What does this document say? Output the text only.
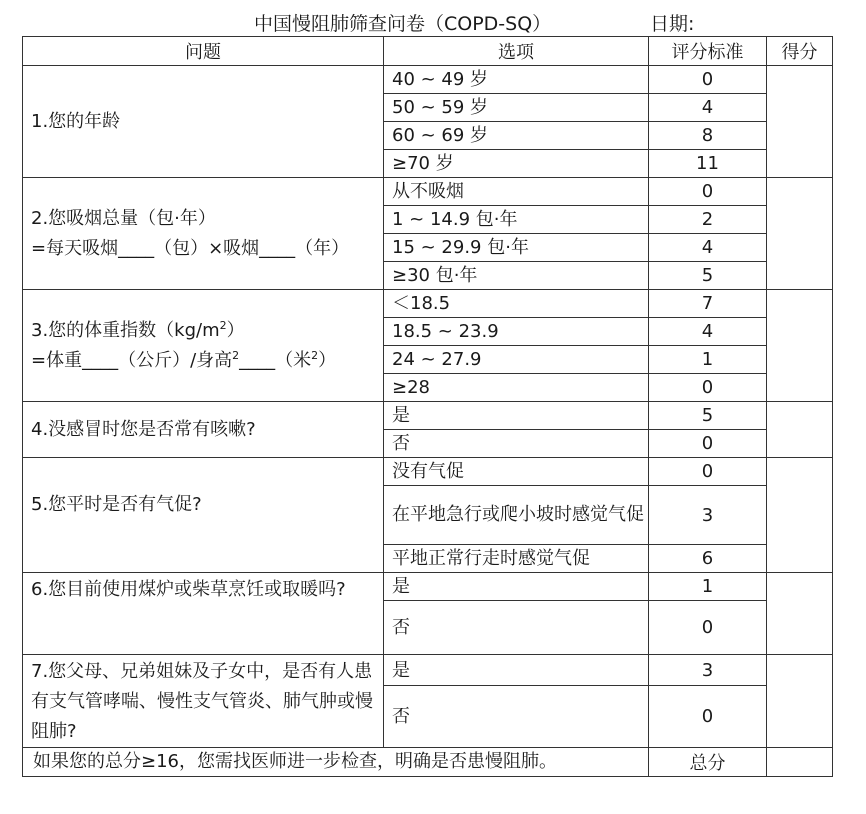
中国慢阻肺筛查问卷（COPD-SQ）	日期:
问题	选项	评分标准	得分
1.您的年龄	40 ~ 49 岁	0	
	50 ~ 59 岁	4	
	60 ~ 69 岁	8	
	≥70 岁	11	
2.您吸烟总量（包·年）
=每天吸烟____（包）×吸烟____（年）	从不吸烟	0	
	1 ~ 14.9 包·年	2	
	15 ~ 29.9 包·年	4	
	≥30 包·年	5	
3.您的体重指数$(kg/m^2)$
=体重____（公斤）/身高$^2$____（米$^2$）	＜18.5	7	
	18.5 ~ 23.9	4	
	24 ~ 27.9	1	
	≥28	0	
4.没感冒时您是否常有咳嗽?	是	5	
	否	0	
5.您平时是否有气促?	没有气促	0	
	在平地急行或爬小坡时感觉气促	3	
	平地正常行走时感觉气促	6	
6.您目前使用煤炉或柴草烹饪或取暖吗?	是	1	
	否	0	
7.您父母、兄弟姐妹及子女中，是否有人患有支气管哮喘、慢性支气管炎、肺气肿或慢阻肺?	是	3	
	否	0	
如果您的总分≥16，您需找医师进一步检查，明确是否患慢阻肺。		总分	
